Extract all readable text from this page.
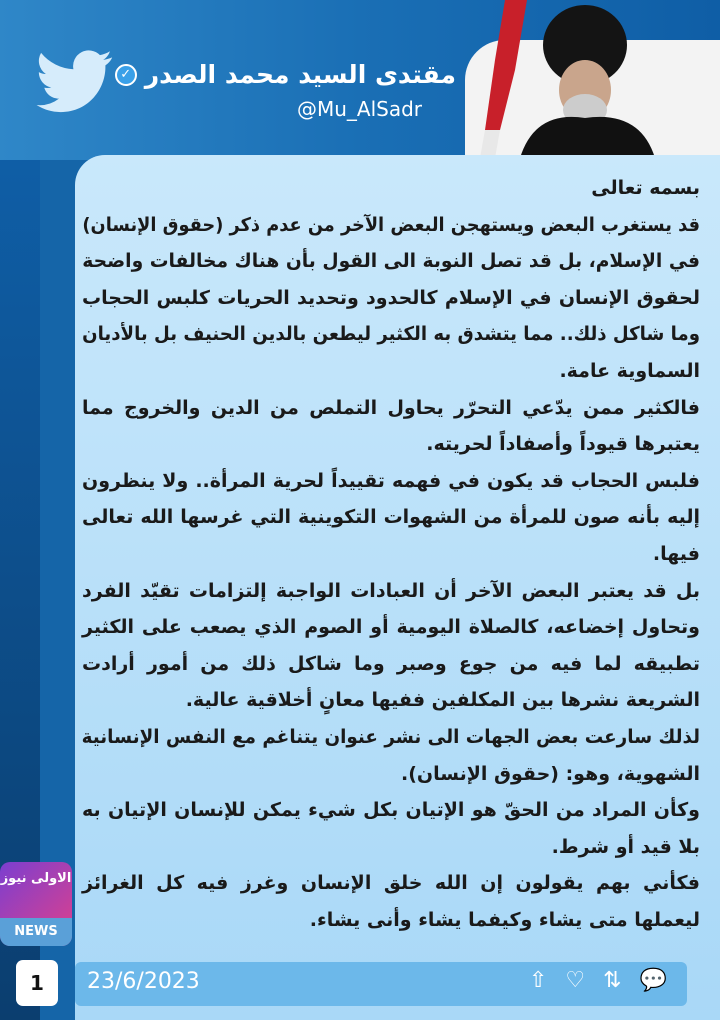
مقتدى السيد محمد الصدر
✓
@Mu_AlSadr
بسمه تعالى
قد يستغرب البعض ويستهجن البعض الآخر من عدم ذكر (حقوق الإنسان)
في الإسلام، بل قد تصل النوبة الى القول بأن هناك مخالفات واضحة
لحقوق الإنسان في الإسلام كالحدود وتحديد الحريات كلبس الحجاب
وما شاكل ذلك.. مما يتشدق به الكثير ليطعن بالدين الحنيف بل بالأديان
السماوية عامة.
فالكثير ممن يدّعي التحرّر يحاول التملص من الدين والخروج مما
يعتبرها قيوداً وأصفاداً لحريته.
فلبس الحجاب قد يكون في فهمه تقييداً لحرية المرأة.. ولا ينظرون
إليه بأنه صون للمرأة من الشهوات التكوينية التي غرسها الله تعالى
فيها.
بل قد يعتبر البعض الآخر أن العبادات الواجبة إلتزامات تقيّد الفرد
وتحاول إخضاعه، كالصلاة اليومية أو الصوم الذي يصعب على الكثير
تطبيقه لما فيه من جوع وصبر وما شاكل ذلك من أمور أرادت
الشريعة نشرها بين المكلفين ففيها معانٍ أخلاقية عالية.
لذلك سارعت بعض الجهات الى نشر عنوان يتناغم مع النفس الإنسانية
الشهوية، وهو: (حقوق الإنسان).
وكأن المراد من الحقّ هو الإتيان بكل شيء يمكن للإنسان الإتيان به
بلا قيد أو شرط.
فكأني بهم يقولون إن الله خلق الإنسان وغرز فيه كل الغرائز
ليعملها متى يشاء وكيفما يشاء وأنى يشاء.
1	23/6/2023	⇧ ♡ ⇅ 💬
الاولى نيوز
NEWS
